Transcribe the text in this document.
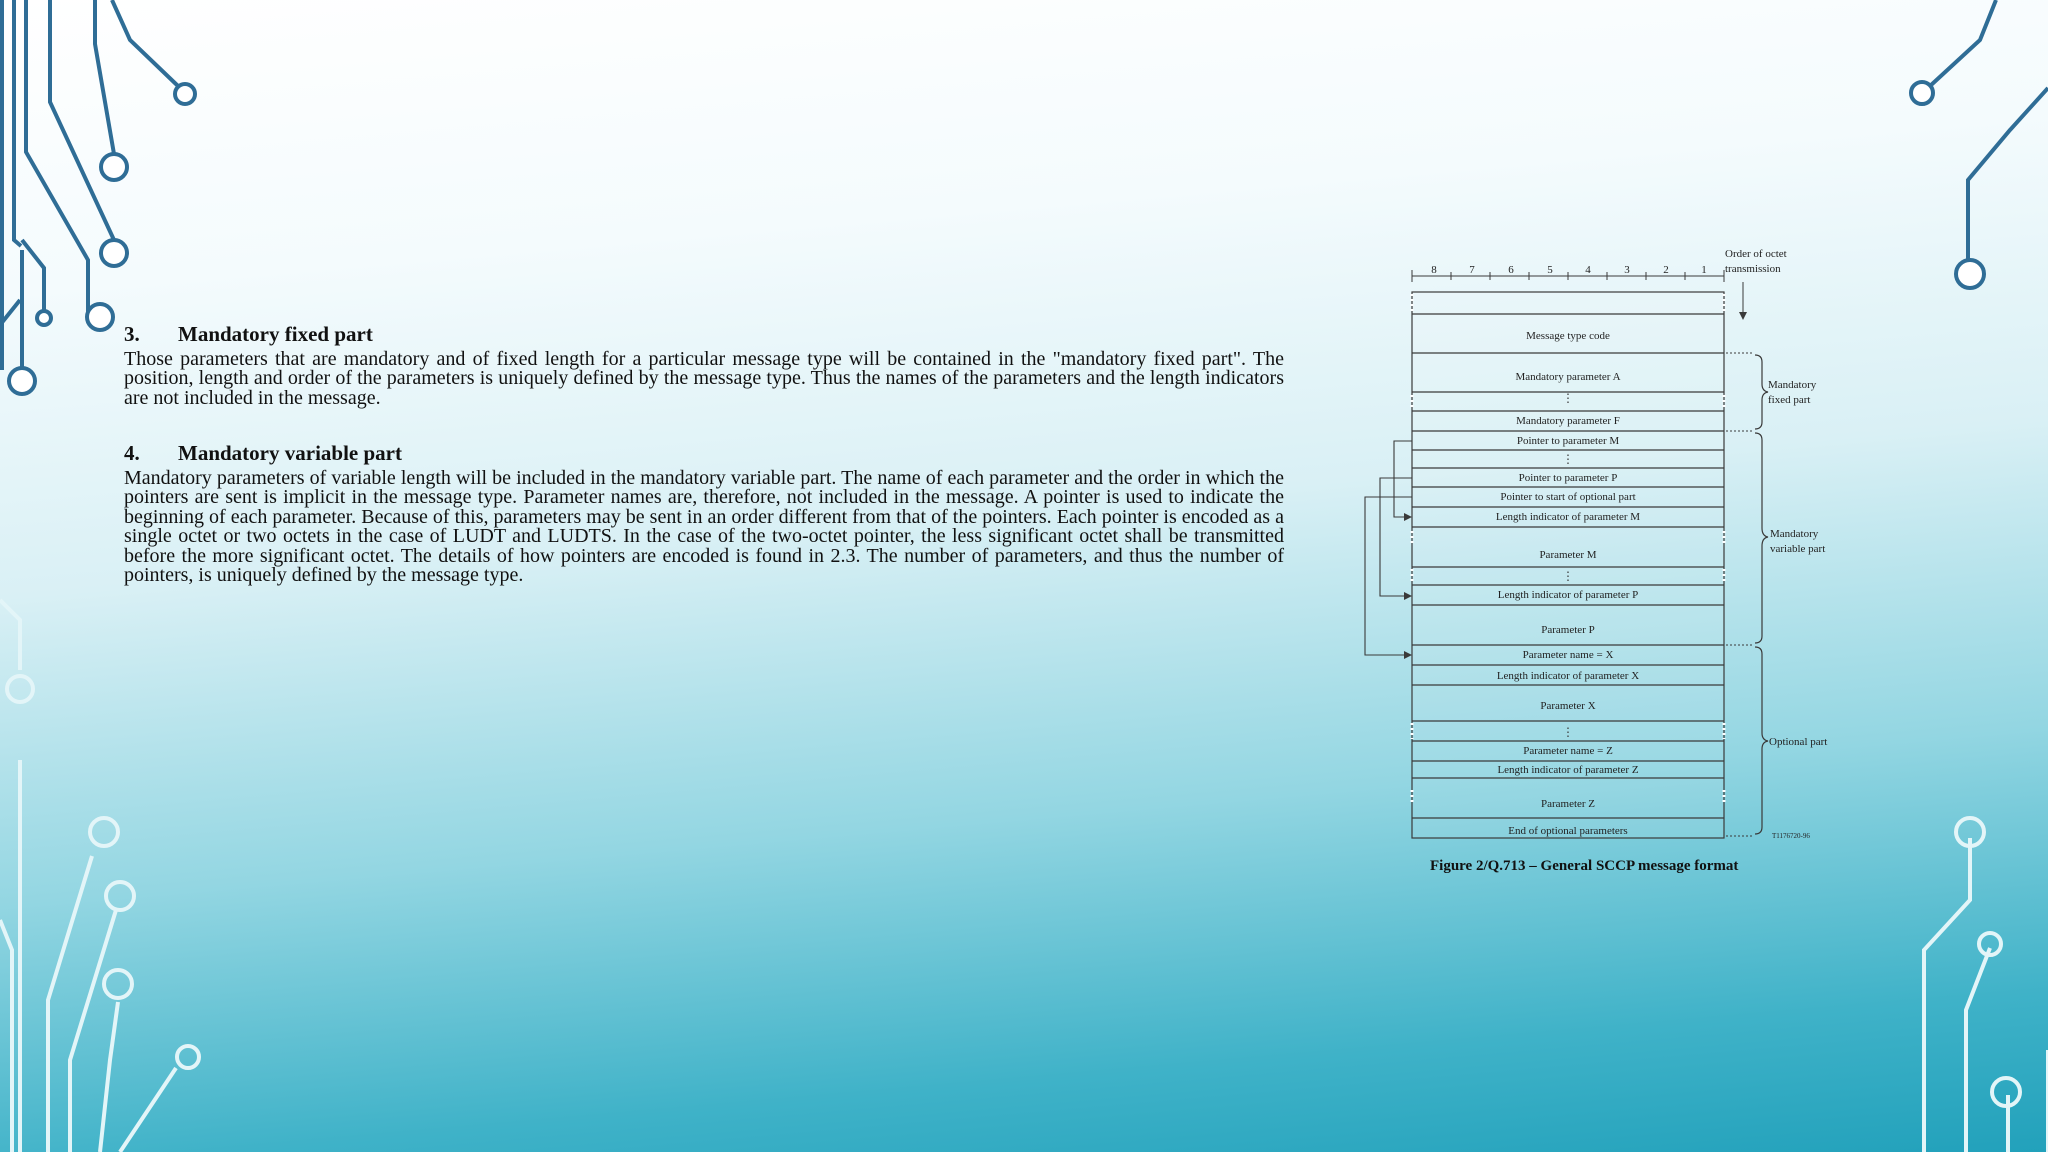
3. Mandatory fixed part

Those parameters that are mandatory and of fixed length for a particular message type will be contained in the "mandatory fixed part". The position, length and order of the parameters is uniquely defined by the message type. Thus the names of the parameters and the length indicators are not included in the message.

4. Mandatory variable part

Mandatory parameters of variable length will be included in the mandatory variable part. The name of each parameter and the order in which the pointers are sent is implicit in the message type. Parameter names are, therefore, not included in the message. A pointer is used to indicate the beginning of each parameter. Because of this, parameters may be sent in an order different from that of the pointers. Each pointer is encoded as a single octet or two octets in the case of LUDT and LUDTS. In the case of the two-octet pointer, the less significant octet shall be transmitted before the more significant octet. The details of how pointers are encoded is found in 2.3. The number of parameters, and thus the number of pointers, is uniquely defined by the message type.

8	7	6	5	4	3	2	1
Order of octet
transmission
⋮
⋮
⋮
⋮
Message type code
Mandatory parameter A
Mandatory parameter F
Pointer to parameter M
Pointer to parameter P
Pointer to start of optional part
Length indicator of parameter M
Parameter M
Length indicator of parameter P
Parameter P
Parameter name = X
Length indicator of parameter X
Parameter X
Parameter name = Z
Length indicator of parameter Z
Parameter Z
End of optional parameters
Mandatory
fixed part
Mandatory
variable part
Optional part
T1176720-96

Figure 2/Q.713 – General SCCP message format
